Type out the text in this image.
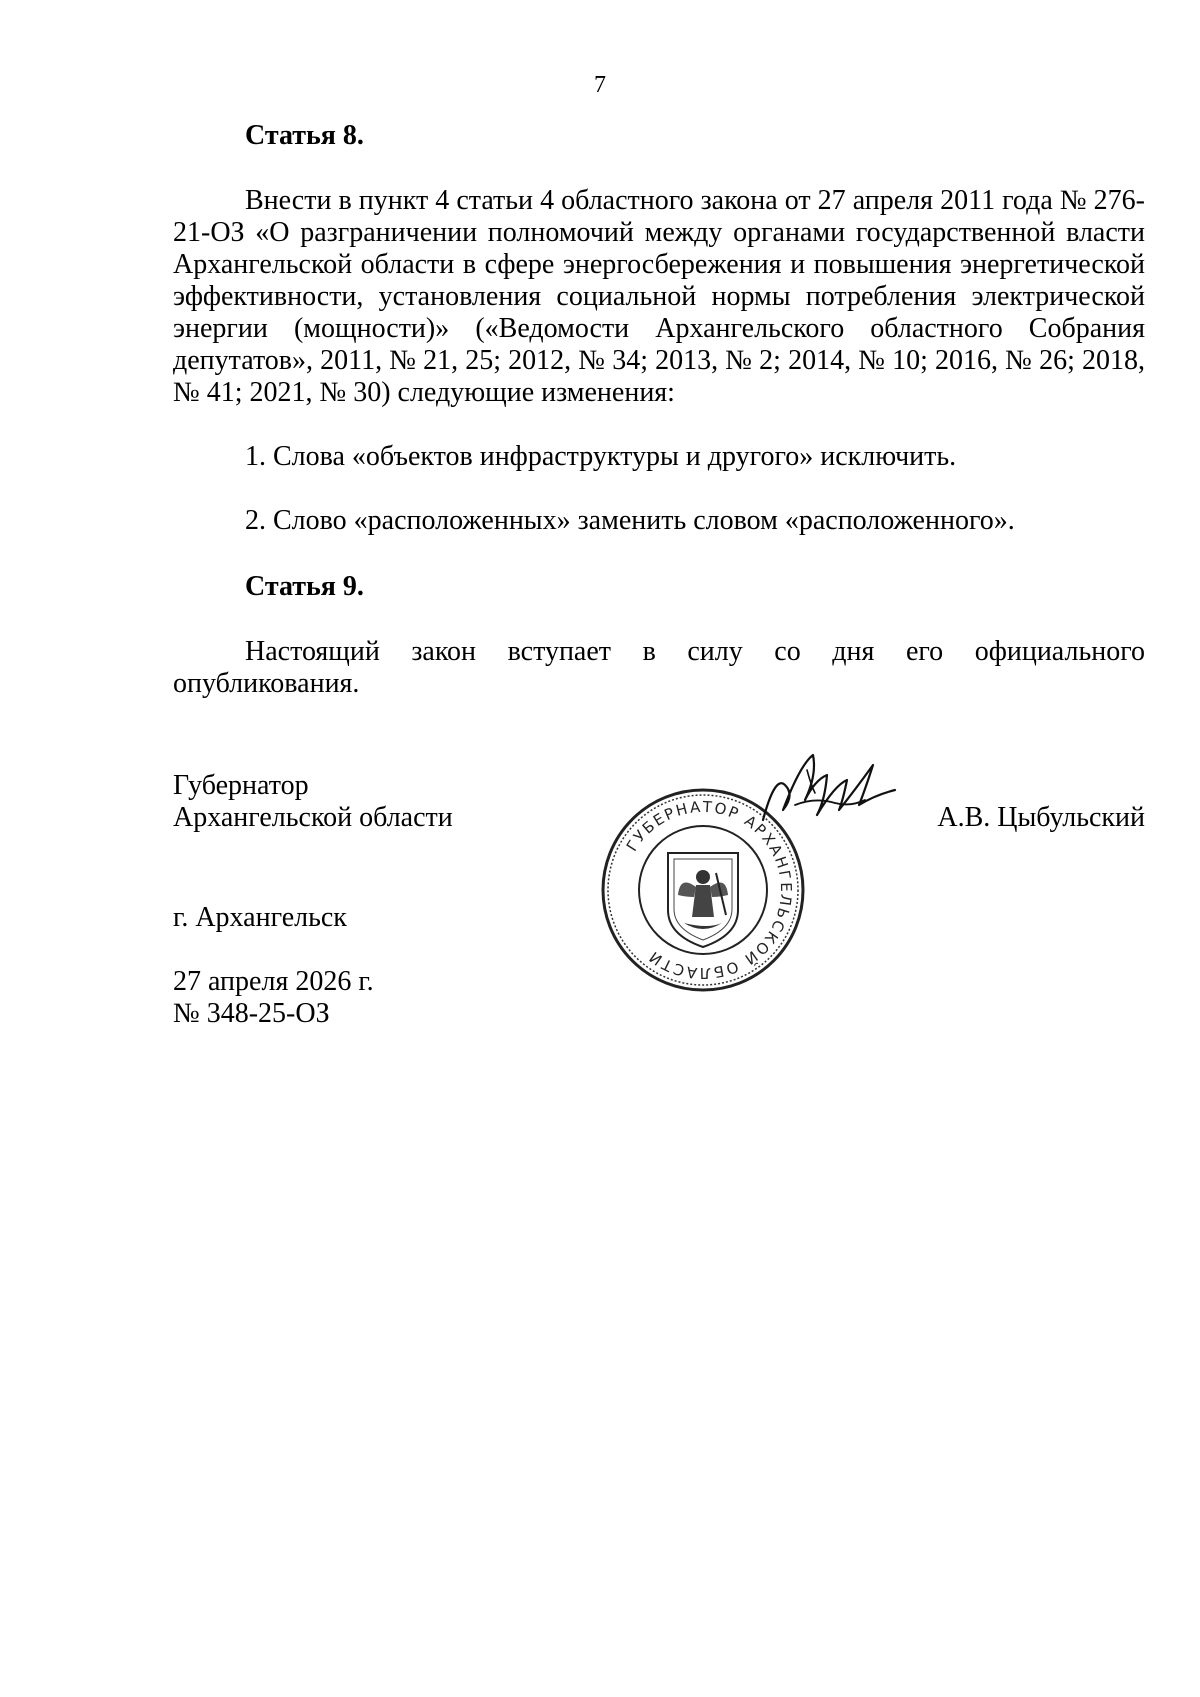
7
Статья 8.
Внести в пункт 4 статьи 4 областного закона от 27 апреля 2011 года № 276-21-ОЗ «О разграничении полномочий между органами государственной власти Архангельской области в сфере энергосбережения и повышения энергетической эффективности, установления социальной нормы потребления электрической энергии (мощности)» («Ведомости Архангельского областного Собрания депутатов», 2011, № 21, 25; 2012, № 34; 2013, № 2; 2014, № 10; 2016, № 26; 2018, № 41; 2021, № 30) следующие изменения:
1. Слова «объектов инфраструктуры и другого» исключить.
2. Слово «расположенных» заменить словом «расположенного».
Статья 9.
Настоящий закон вступает в силу со дня его официального
опубликования.
Губернатор
Архангельской области	А.В. Цыбульский
ГУБЕРНАТОР АРХАНГЕЛЬСКОЙ ОБЛАСТИ
г. Архангельск
27 апреля 2026 г.
№ 348-25-ОЗ
